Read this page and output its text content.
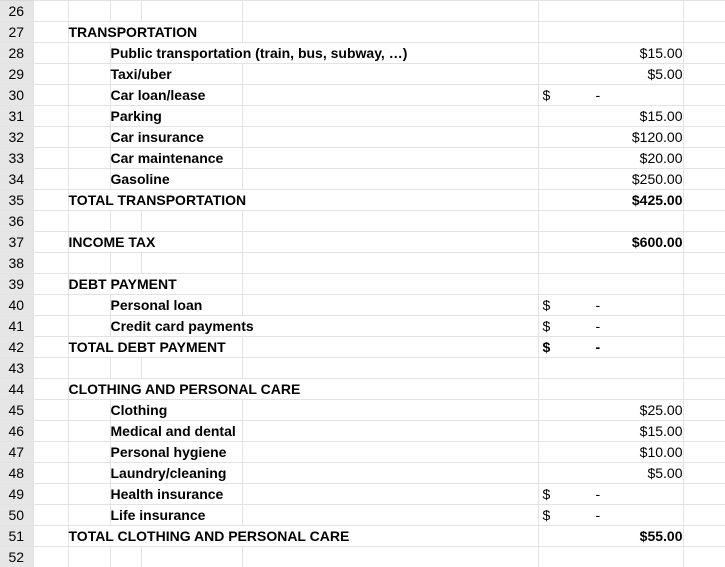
26							
27		TRANSPORTATION					
28			Public transportation (train, bus, subway, …)			$15.00	
29			Taxi/uber			$5.00	
30			Car loan/lease			$ -	

31			Parking			$15.00	
32			Car insurance			$120.00	
33			Car maintenance			$20.00	
34			Gasoline			$250.00	
35		TOTAL TRANSPORTATION				$425.00	
36							
37		INCOME TAX				$600.00	
38							
39		DEBT PAYMENT					
40			Personal loan			$ -	

41			Credit card payments			$ -	

42		TOTAL DEBT PAYMENT				$ -	

43							
44		CLOTHING AND PERSONAL CARE					
45			Clothing			$25.00	
46			Medical and dental			$15.00	
47			Personal hygiene			$10.00	
48			Laundry/cleaning			$5.00	
49			Health insurance			$ -	

50			Life insurance			$ -	

51		TOTAL CLOTHING AND PERSONAL CARE				$55.00	
52							
